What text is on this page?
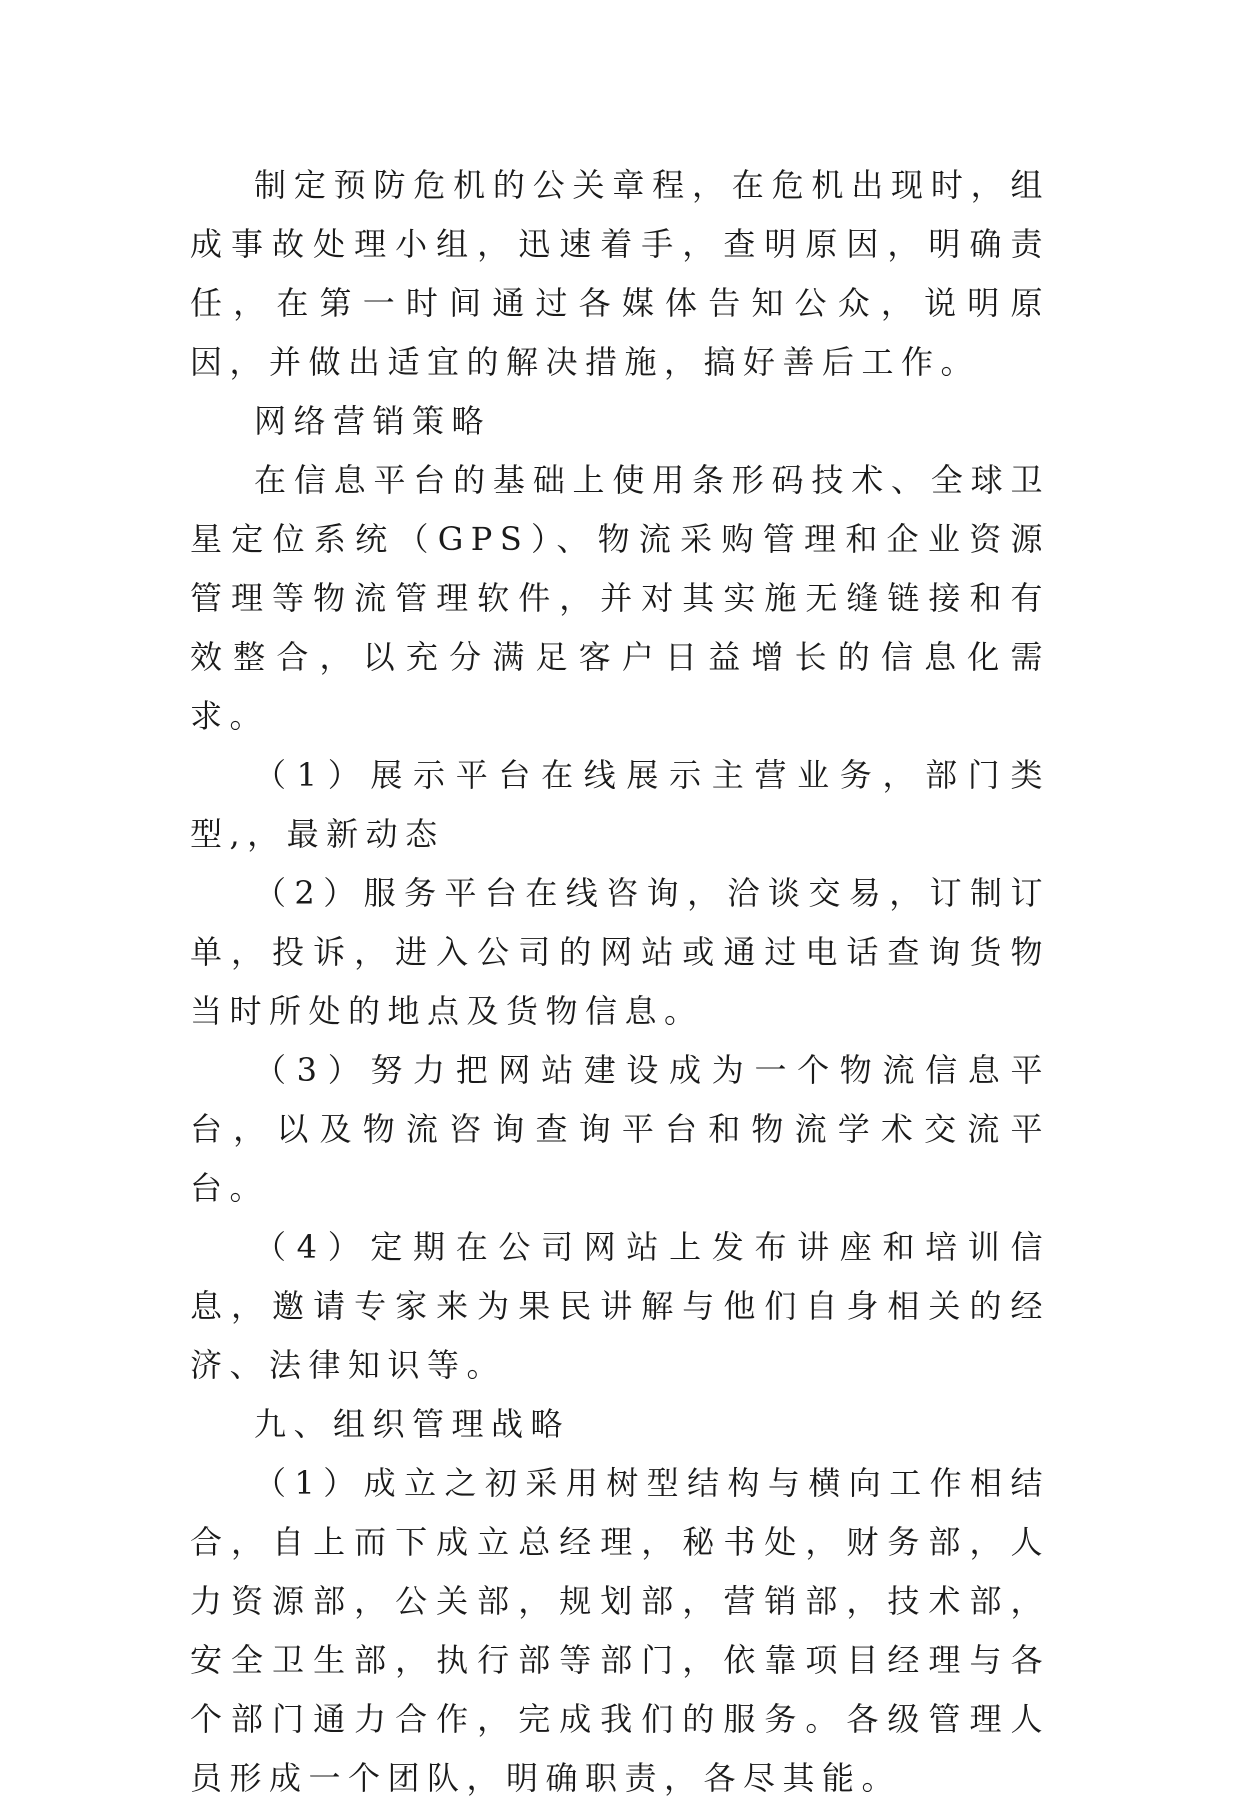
制定预防危机的公关章程，在危机出现时，组成事故处理小组，迅速着手，查明原因，明确责任，在第一时间通过各媒体告知公众，说明原因，并做出适宜的解决措施，搞好善后工作。

网络营销策略

在信息平台的基础上使用条形码技术、全球卫星定位系统（GPS）、物流采购管理和企业资源管理等物流管理软件，并对其实施无缝链接和有效整合，以充分满足客户日益增长的信息化需求。

（1）展示平台在线展示主营业务，部门类型,，最新动态

（2）服务平台在线咨询，洽谈交易，订制订单，投诉，进入公司的网站或通过电话查询货物当时所处的地点及货物信息。

（3）努力把网站建设成为一个物流信息平台，以及物流咨询查询平台和物流学术交流平台。

（4）定期在公司网站上发布讲座和培训信息，邀请专家来为果民讲解与他们自身相关的经济、法律知识等。

九、组织管理战略

（1）成立之初采用树型结构与横向工作相结合，自上而下成立总经理，秘书处，财务部，人力资源部，公关部，规划部，营销部，技术部，安全卫生部，执行部等部门，依靠项目经理与各个部门通力合作，完成我们的服务。各级管理人员形成一个团队，明确职责，各尽其能。
